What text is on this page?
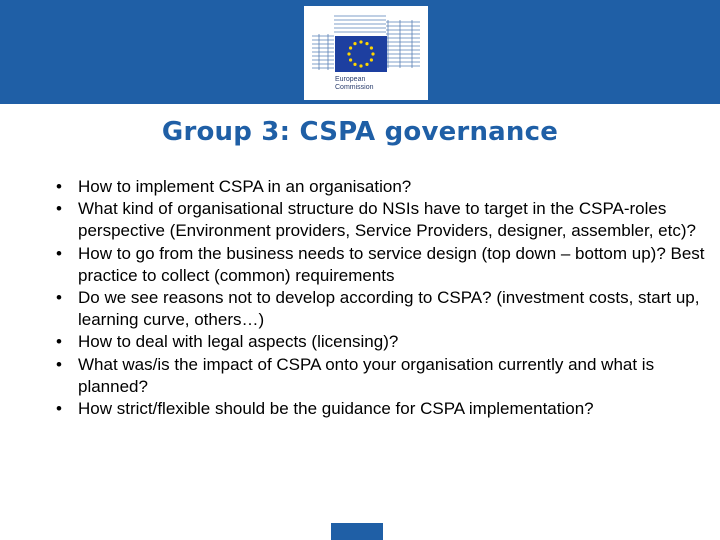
European
Commission
Group 3: CSPA governance
• How to implement CSPA in an organisation?
• What kind of organisational structure do NSIs have to target in the CSPA-roles perspective (Environment providers, Service Providers, designer, assembler, etc)?
• How to go from the business needs to service design (top down – bottom up)? Best practice to collect (common) requirements
• Do we see reasons not to develop according to CSPA? (investment costs, start up, learning curve, others…)
• How to deal with legal aspects (licensing)?
• What was/is the impact of CSPA onto your organisation currently and what is planned?
• How strict/flexible should be the guidance for CSPA implementation?
